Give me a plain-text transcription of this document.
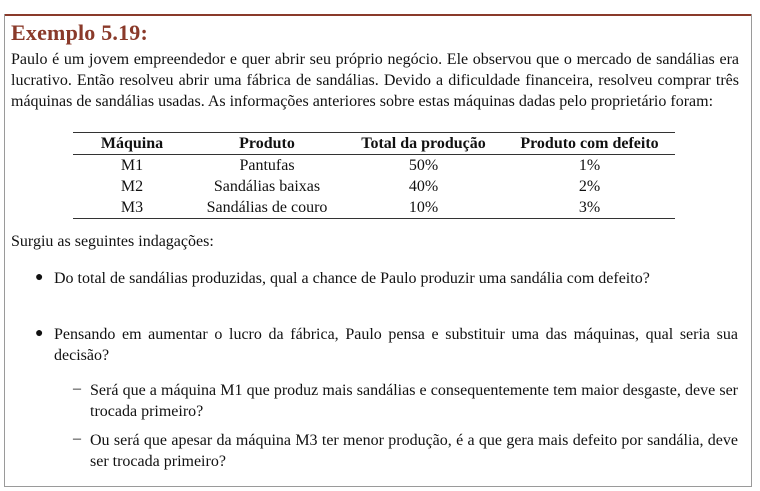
Exemplo 5.19:
Paulo é um jovem empreendedor e quer abrir seu próprio negócio. Ele observou que o mercado de sandálias era lucrativo. Então resolveu abrir uma fábrica de sandálias. Devido a dificuldade financeira, resolveu comprar três máquinas de sandálias usadas. As informações anteriores sobre estas máquinas dadas pelo proprietário foram:
Máquina	Produto	Total da produção	Produto com defeito
M1	Pantufas	50%	1%
M2	Sandálias baixas	40%	2%
M3	Sandálias de couro	10%	3%
Surgiu as seguintes indagações:
● Do total de sandálias produzidas, qual a chance de Paulo produzir uma sandália com defeito?
● Pensando em aumentar o lucro da fábrica, Paulo pensa e substituir uma das máquinas, qual seria sua decisão?
– Será que a máquina M1 que produz mais sandálias e consequentemente tem maior desgaste, deve ser trocada primeiro?
– Ou será que apesar da máquina M3 ter menor produção, é a que gera mais defeito por sandália, deve ser trocada primeiro?
